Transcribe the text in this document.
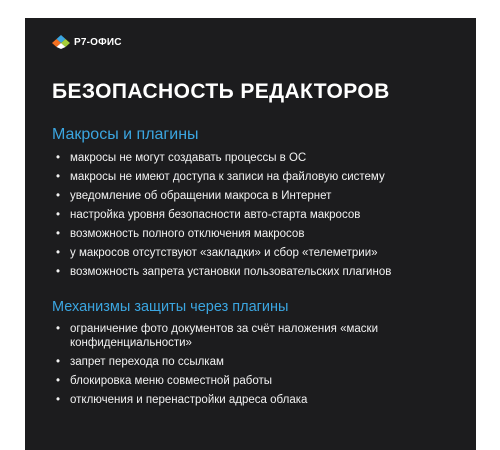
Р7-ОФИС
БЕЗОПАСНОСТЬ РЕДАКТОРОВ
Макросы и плагины
• макросы не могут создавать процессы в ОС
• макросы не имеют доступа к записи на файловую систему
• уведомление об обращении макроса в Интернет
• настройка уровня безопасности авто-старта макросов
• возможность полного отключения макросов
• у макросов отсутствуют «закладки» и сбор «телеметрии»
• возможность запрета установки пользовательских плагинов
Механизмы защиты через плагины
• ограничение фото документов за счёт наложения «маски конфиденциальности»
• запрет перехода по ссылкам
• блокировка меню совместной работы
• отключения и перенастройки адреса облака
